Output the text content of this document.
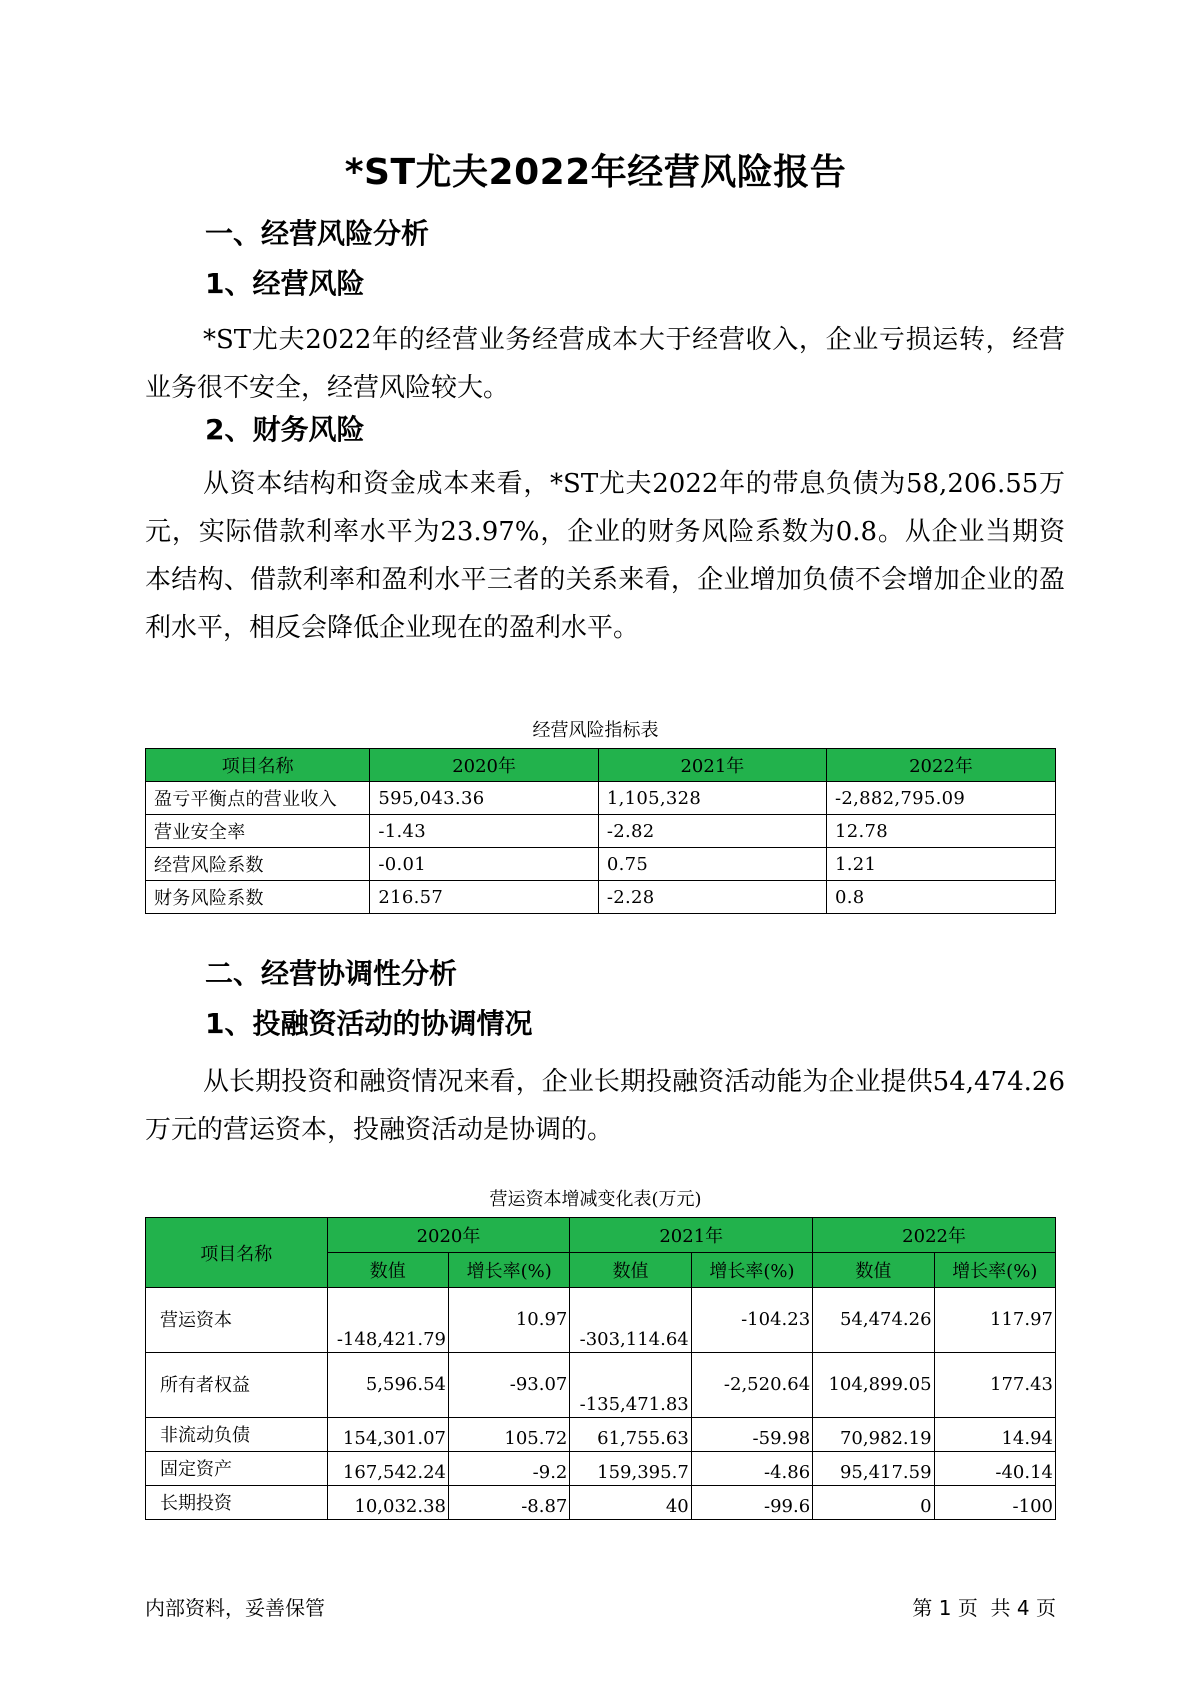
*ST尤夫2022年经营风险报告
一、经营风险分析
1、经营风险
*ST尤夫2022年的经营业务经营成本大于经营收入，企业亏损运转，经营业务很不安全，经营风险较大。
2、财务风险
从资本结构和资金成本来看，*ST尤夫2022年的带息负债为58,206.55万元，实际借款利率水平为23.97%，企业的财务风险系数为0.8。从企业当期资本结构、借款利率和盈利水平三者的关系来看，企业增加负债不会增加企业的盈利水平，相反会降低企业现在的盈利水平。
经营风险指标表
项目名称	2020年	2021年	2022年
盈亏平衡点的营业收入	595,043.36	1,105,328	-2,882,795.09
营业安全率	-1.43	-2.82	12.78
经营风险系数	-0.01	0.75	1.21
财务风险系数	216.57	-2.28	0.8
二、经营协调性分析
1、投融资活动的协调情况
从长期投资和融资情况来看，企业长期投融资活动能为企业提供54,474.26万元的营运资本，投融资活动是协调的。
营运资本增减变化表(万元)
项目名称	2020年		2021年		2022年	
	数值	增长率(%)	数值	增长率(%)	数值	增长率(%)
营运资本	-148,421.79	10.97	-303,114.64	-104.23	54,474.26	117.97
所有者权益	5,596.54	-93.07	-135,471.83	-2,520.64	104,899.05	177.43
非流动负债	154,301.07	105.72	61,755.63	-59.98	70,982.19	14.94
固定资产	167,542.24	-9.2	159,395.7	-4.86	95,417.59	-40.14
长期投资	10,032.38	-8.87	40	-99.6	0	-100
内部资料，妥善保管	第 1 页  共 4 页
